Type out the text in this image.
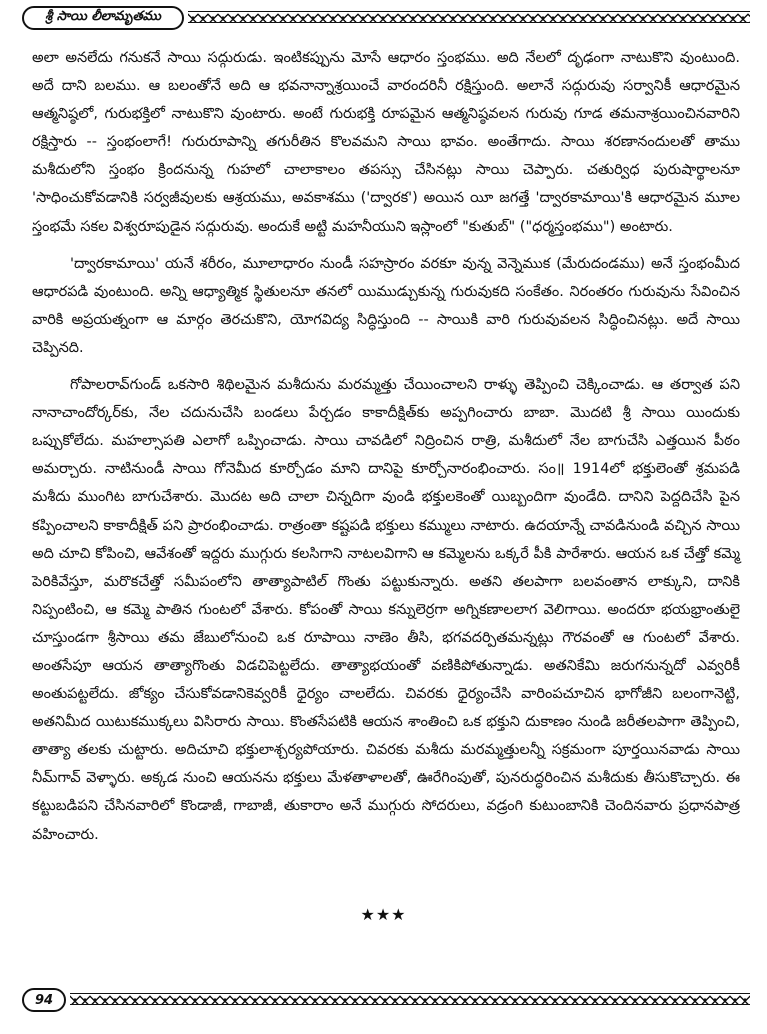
శ్రీ సాయి లీలామృతము

అలా అనలేదు గనుకనే సాయి సద్గురుడు. ఇంటికప్పును మోసే ఆధారం స్తంభము. అది నేలలో దృఢంగా నాటుకొని వుంటుంది. అదే దాని బలము. ఆ బలంతోనే అది ఆ భవనాన్నాశ్రయించే వారందరినీ రక్షిస్తుంది. అలానే సద్గురువు సర్వానికీ ఆధారమైన ఆత్మనిష్ఠలో, గురుభక్తిలో నాటుకొని వుంటారు. అంటే గురుభక్తి రూపమైన ఆత్మనిష్ఠవలన గురువు గూడ తమనాశ్రయించినవారిని రక్షిస్తారు -- స్తంభంలాగే! గురురూపాన్ని తగురీతిన కొలవమని సాయి భావం. అంతేగాదు. సాయి శరణానందులతో తాము మశీదులోని స్తంభం క్రిందనున్న గుహలో చాలాకాలం తపస్సు చేసినట్లు సాయి చెప్పారు. చతుర్విధ పురుషార్థాలనూ 'సాధించుకోవడానికి సర్వజీవులకు ఆశ్రయము, అవకాశము ('ద్వారక') అయిన యీ జగత్తే 'ద్వారకామాయి'కి ఆధారమైన మూల స్తంభమే సకల విశ్వరూపుడైన సద్గురువు. అందుకే అట్టి మహనీయుని ఇస్లాంలో "కుతుబ్" ("ధర్మస్తంభము") అంటారు.

'ద్వారకామాయి' యనే శరీరం, మూలాధారం నుండీ సహస్రారం వరకూ వున్న వెన్నెముక (మేరుదండము) అనే స్తంభంమీద ఆధారపడి వుంటుంది. అన్ని ఆధ్యాత్మిక స్థితులనూ తనలో యిముడ్చుకున్న గురువుకది సంకేతం. నిరంతరం గురువును సేవించిన వారికి అప్రయత్నంగా ఆ మార్గం తెరచుకొని, యోగవిద్య సిద్ధిస్తుంది -- సాయికి వారి గురువువలన సిద్ధించినట్లు. అదే సాయి చెప్పినది.

గోపాలరావ్‌గుండ్ ఒకసారి శిథిలమైన మశీదును మరమ్మత్తు చేయించాలని రాళ్ళు తెప్పించి చెక్కించాడు. ఆ తర్వాత పని నానాచాందోర్కర్‌కు, నేల చదునుచేసి బండలు పేర్చడం కాకాదీక్షిత్‌కు అప్పగించారు బాబా. మొదటి శ్రీ సాయి యిందుకు ఒప్పుకోలేదు. మహల్సాపతి ఎలాగో ఒప్పించాడు. సాయి చావడిలో నిద్రించిన రాత్రి, మశీదులో నేల బాగుచేసి ఎత్తయిన పీఠం అమర్చారు. నాటినుండీ సాయి గోనెమీద కూర్చోడం మాని దానిపై కూర్చోనారంభించారు. సం॥ 1914లో భక్తులెంతో శ్రమపడి మశీదు ముంగిట బాగుచేశారు. మొదట అది చాలా చిన్నదిగా వుండి భక్తులకెంతో యిబ్బందిగా వుండేది. దానిని పెద్దదిచేసి పైన కప్పించాలని కాకాదీక్షిత్ పని ప్రారంభించాడు. రాత్రంతా కష్టపడి భక్తులు కమ్ములు నాటారు. ఉదయాన్నే చావడినుండి వచ్చిన సాయి అది చూచి కోపించి, ఆవేశంతో ఇద్దరు ముగ్గురు కలసిగాని నాటలవిగాని ఆ కమ్మెలను ఒక్కరే పీకి పారేశారు. ఆయన ఒక చేత్తో కమ్మె పెరికివేస్తూ, మరొకచేత్తో సమీపంలోని తాత్యాపాటిల్ గొంతు పట్టుకున్నారు. అతని తలపాగా బలవంతాన లాక్కుని, దానికి నిప్పంటించి, ఆ కమ్మె పాతిన గుంటలో వేశారు. కోపంతో సాయి కన్నులెర్రగా అగ్నికణాలలాగ వెలిగాయి. అందరూ భయభ్రాంతులై చూస్తుండగా శ్రీసాయి తమ జేబులోనుంచి ఒక రూపాయి నాణెం తీసి, భగవదర్పితమన్నట్లు గౌరవంతో ఆ గుంటలో వేశారు. అంతసేపూ ఆయన తాత్యాగొంతు విడచిపెట్టలేదు. తాత్యాభయంతో వణికిపోతున్నాడు. అతనికేమి జరుగనున్నదో ఎవ్వరికీ అంతుపట్టలేదు. జోక్యం చేసుకోవడానికెవ్వరికీ ధైర్యం చాలలేదు. చివరకు ధైర్యంచేసి వారింపచూచిన భాగోజీని బలంగానెట్టి, అతనిమీద యిటుకముక్కలు విసిరారు సాయి. కొంతసేపటికి ఆయన శాంతించి ఒక భక్తుని దుకాణం నుండి జరీతలపాగా తెప్పించి, తాత్యా తలకు చుట్టారు. అదిచూచి భక్తులాశ్చర్యపోయారు. చివరకు మశీదు మరమ్మత్తులన్నీ సక్రమంగా పూర్తయినవాడు సాయి నీమ్‌గావ్ వెళ్ళారు. అక్కడ నుంచి ఆయనను భక్తులు మేళతాళాలతో, ఊరేగింపుతో, పునరుద్ధరించిన మశీదుకు తీసుకొచ్చారు. ఈ కట్టుబడిపని చేసినవారిలో కొండాజీ, గాబాజీ, తుకారాం అనే ముగ్గురు సోదరులు, వడ్రంగి కుటుంబానికి చెందినవారు ప్రధానపాత్ర వహించారు.

★★★
94
